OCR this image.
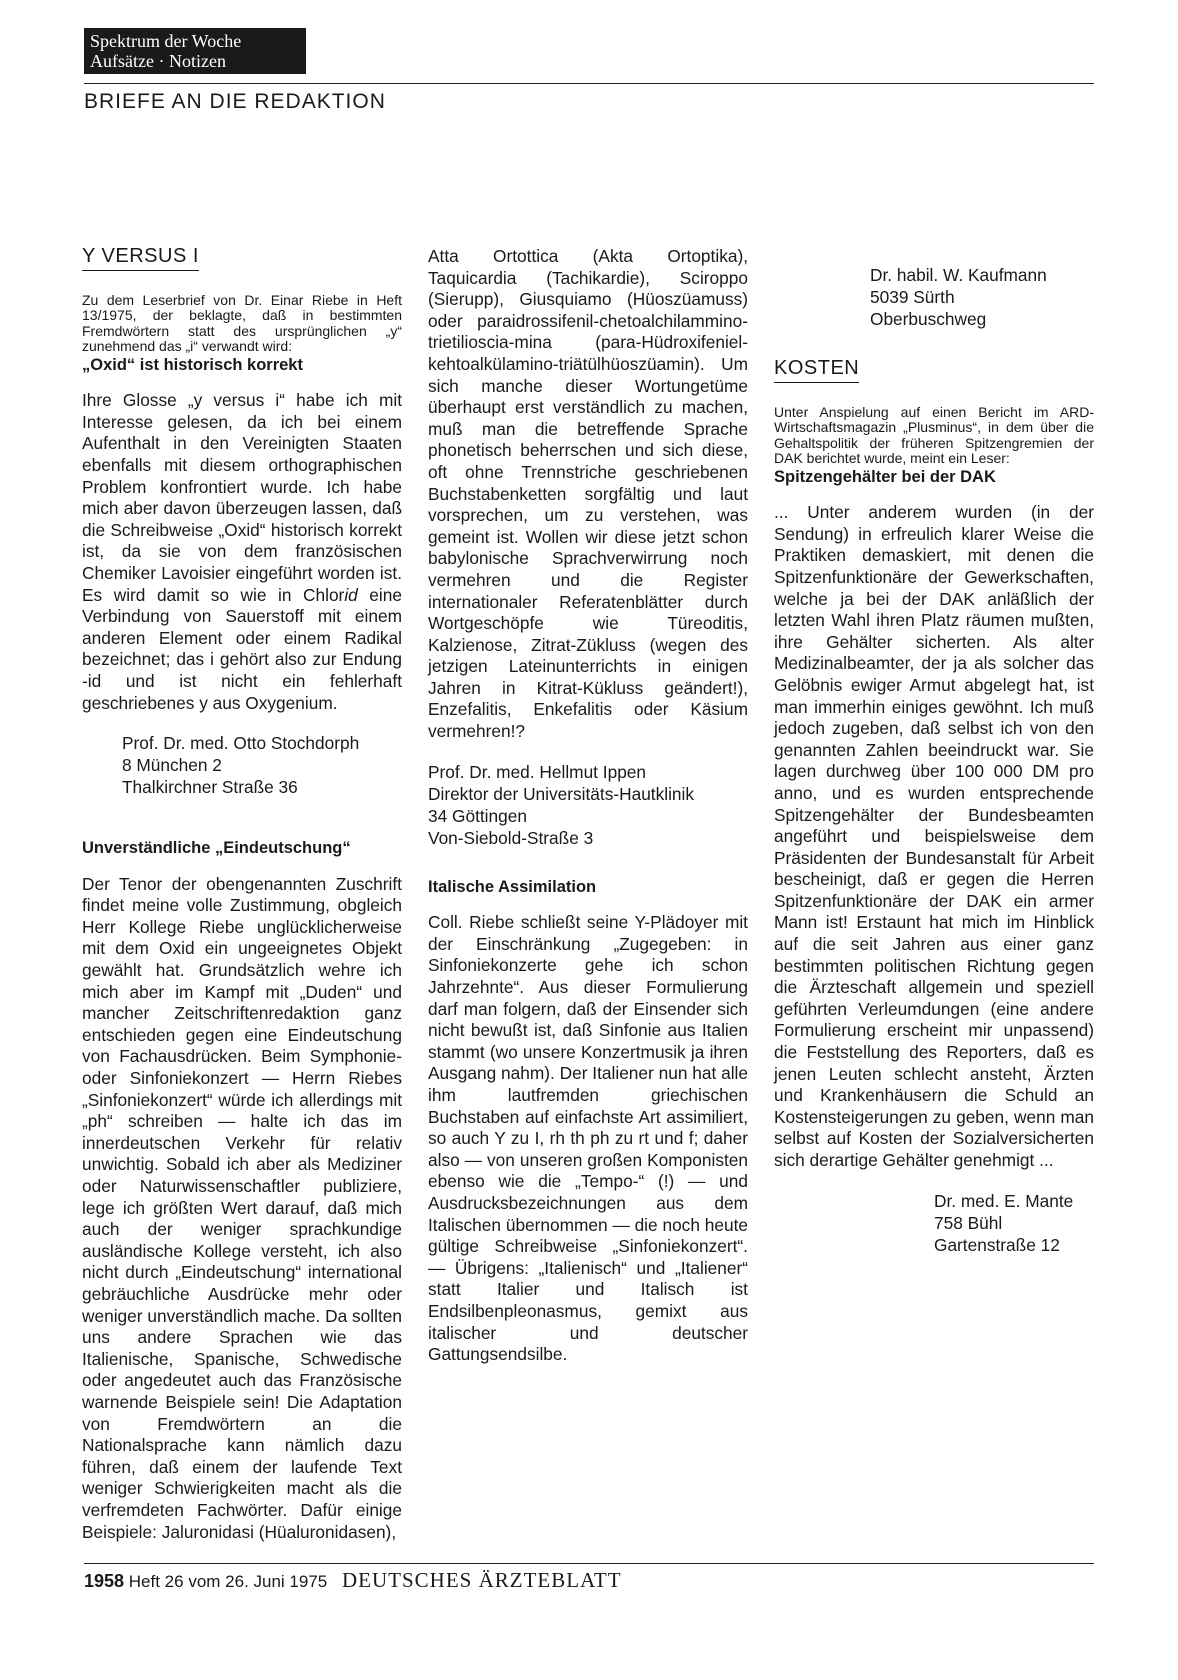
Spektrum der Woche
Aufsätze · Notizen
BRIEFE AN DIE REDAKTION
Y VERSUS I

Zu dem Leserbrief von Dr. Einar Riebe in Heft 13/1975, der beklagte, daß in bestimmten Fremdwörtern statt des ursprünglichen „y“ zunehmend das „i“ verwandt wird:

„Oxid“ ist historisch korrekt

Ihre Glosse „y versus i“ habe ich mit Interesse gelesen, da ich bei einem Aufenthalt in den Vereinigten Staaten ebenfalls mit diesem orthographischen Problem konfrontiert wurde. Ich habe mich aber davon überzeugen lassen, daß die Schreibweise „Oxid“ historisch korrekt ist, da sie von dem französischen Chemiker Lavoisier eingeführt worden ist. Es wird damit so wie in Chlorid eine Verbindung von Sauerstoff mit einem anderen Element oder einem Radikal bezeichnet; das i gehört also zur Endung -id und ist nicht ein fehlerhaft geschriebenes y aus Oxygenium.

Prof. Dr. med. Otto Stochdorph
8 München 2
Thalkirchner Straße 36
Unverständliche „Eindeutschung“

Der Tenor der obengenannten Zuschrift findet meine volle Zustimmung, obgleich Herr Kollege Riebe unglücklicherweise mit dem Oxid ein ungeeignetes Objekt gewählt hat. Grundsätzlich wehre ich mich aber im Kampf mit „Duden“ und mancher Zeitschriftenredaktion ganz entschieden gegen eine Eindeutschung von Fachausdrücken. Beim Symphonie- oder Sinfoniekonzert — Herrn Riebes „Sinfoniekonzert“ würde ich allerdings mit „ph“ schreiben — halte ich das im innerdeutschen Verkehr für relativ unwichtig. Sobald ich aber als Mediziner oder Naturwissenschaftler publiziere, lege ich größten Wert darauf, daß mich auch der weniger sprachkundige ausländische Kollege versteht, ich also nicht durch „Eindeutschung“ international gebräuchliche Ausdrücke mehr oder weniger unverständlich mache. Da sollten uns andere Sprachen wie das Italienische, Spanische, Schwedische oder angedeutet auch das Französische warnende Beispiele sein! Die Adaptation von Fremdwörtern an die Nationalsprache kann nämlich dazu führen, daß einem der laufende Text weniger Schwierigkeiten macht als die verfremdeten Fachwörter. Dafür einige Beispiele: Jaluronidasi (Hüaluronidasen),

Atta Ortottica (Akta Ortoptika), Taquicardia (Tachikardie), Sciroppo (Sierupp), Giusquiamo (Hüoszüamuss) oder paraidrossifenil-chetoalchilammino-trietilioscia-mina (para-Hüdroxifeniel-kehtoalkülamino-triätülhüoszüamin). Um sich manche dieser Wortungetüme überhaupt erst verständlich zu machen, muß man die betreffende Sprache phonetisch beherrschen und sich diese, oft ohne Trennstriche geschriebenen Buchstabenketten sorgfältig und laut vorsprechen, um zu verstehen, was gemeint ist. Wollen wir diese jetzt schon babylonische Sprachverwirrung noch vermehren und die Register internationaler Referatenblätter durch Wortgeschöpfe wie Türeoditis, Kalzienose, Zitrat-Zükluss (wegen des jetzigen Lateinunterrichts in einigen Jahren in Kitrat-Kükluss geändert!), Enzefalitis, Enkefalitis oder Käsium vermehren!?

Prof. Dr. med. Hellmut Ippen
Direktor der Universitäts-Hautklinik
34 Göttingen
Von-Siebold-Straße 3
Italische Assimilation

Coll. Riebe schließt seine Y-Plädoyer mit der Einschränkung „Zugegeben: in Sinfoniekonzerte gehe ich schon Jahrzehnte“. Aus dieser Formulierung darf man folgern, daß der Einsender sich nicht bewußt ist, daß Sinfonie aus Italien stammt (wo unsere Konzertmusik ja ihren Ausgang nahm). Der Italiener nun hat alle ihm lautfremden griechischen Buchstaben auf einfachste Art assimiliert, so auch Y zu I, rh th ph zu rt und f; daher also — von unseren großen Komponisten ebenso wie die „Tempo-“ (!) — und Ausdrucksbezeichnungen aus dem Italischen übernommen — die noch heute gültige Schreibweise „Sinfoniekonzert“. — Übrigens: „Italienisch“ und „Italiener“ statt Italier und Italisch ist Endsilbenpleonasmus, gemixt aus italischer und deutscher Gattungsendsilbe.

Dr. habil. W. Kaufmann
5039 Sürth
Oberbuschweg
KOSTEN

Unter Anspielung auf einen Bericht im ARD-Wirtschaftsmagazin „Plusminus“, in dem über die Gehaltspolitik der früheren Spitzengremien der DAK berichtet wurde, meint ein Leser:

Spitzengehälter bei der DAK

... Unter anderem wurden (in der Sendung) in erfreulich klarer Weise die Praktiken demaskiert, mit denen die Spitzenfunktionäre der Gewerkschaften, welche ja bei der DAK anläßlich der letzten Wahl ihren Platz räumen mußten, ihre Gehälter sicherten. Als alter Medizinalbeamter, der ja als solcher das Gelöbnis ewiger Armut abgelegt hat, ist man immerhin einiges gewöhnt. Ich muß jedoch zugeben, daß selbst ich von den genannten Zahlen beeindruckt war. Sie lagen durchweg über 100 000 DM pro anno, und es wurden entsprechende Spitzengehälter der Bundesbeamten angeführt und beispielsweise dem Präsidenten der Bundesanstalt für Arbeit bescheinigt, daß er gegen die Herren Spitzenfunktionäre der DAK ein armer Mann ist! Erstaunt hat mich im Hinblick auf die seit Jahren aus einer ganz bestimmten politischen Richtung gegen die Ärzteschaft allgemein und speziell geführten Verleumdungen (eine andere Formulierung erscheint mir unpassend) die Feststellung des Reporters, daß es jenen Leuten schlecht ansteht, Ärzten und Krankenhäusern die Schuld an Kostensteigerungen zu geben, wenn man selbst auf Kosten der Sozialversicherten sich derartige Gehälter genehmigt ...

Dr. med. E. Mante
758 Bühl
Gartenstraße 12
1958 Heft 26 vom 26. Juni 1975 DEUTSCHES ÄRZTEBLATT
